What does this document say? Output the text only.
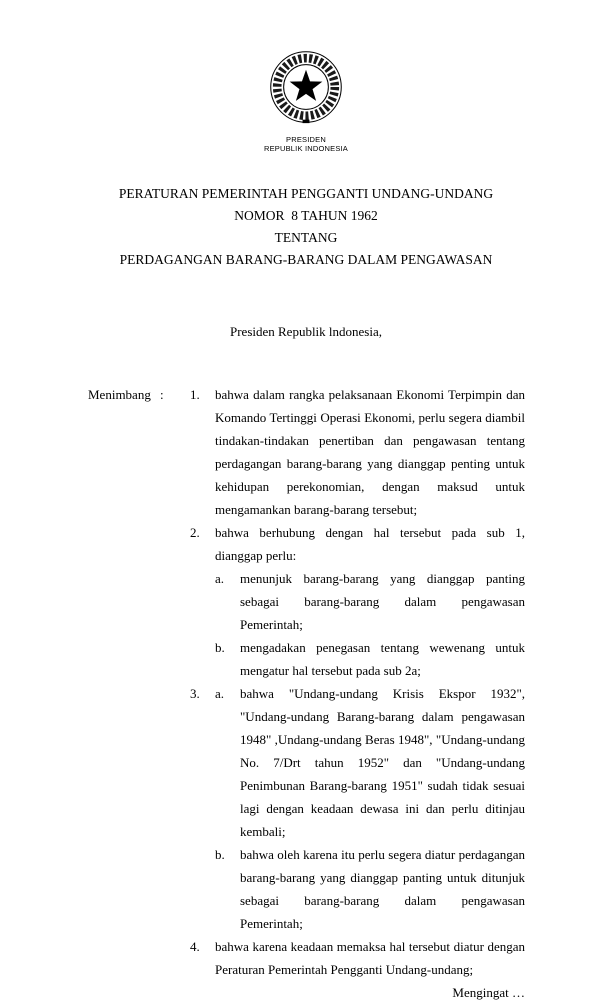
PRESIDEN
REPUBLIK INDONESIA
PERATURAN PEMERINTAH PENGGANTI UNDANG-UNDANG
NOMOR  8 TAHUN 1962
TENTANG
PERDAGANGAN BARANG-BARANG DALAM PENGAWASAN
Presiden Republik lndonesia,
Menimbang :	1.	bahwa dalam rangka pelaksanaan Ekonomi Terpimpin dan Komando Tertinggi Operasi Ekonomi, perlu segera diambil tindakan-tindakan penertiban dan pengawasan tentang perdagangan barang-barang yang dianggap penting untuk kehidupan perekonomian, dengan maksud untuk mengamankan barang-barang tersebut;
2.	bahwa berhubung dengan hal tersebut pada sub 1, dianggap perlu:
a.	menunjuk barang-barang yang dianggap panting sebagai barang-barang dalam pengawasan Pemerintah;
b.	mengadakan penegasan tentang wewenang untuk mengatur hal tersebut pada sub 2a;
3.	a.	bahwa "Undang-undang Krisis Ekspor 1932", "Undang-undang Barang-barang dalam pengawasan 1948" ,Undang-undang Beras 1948", "Undang-undang No. 7/Drt tahun 1952" dan "Undang-undang Penimbunan Barang-barang 1951" sudah tidak sesuai lagi dengan keadaan dewasa ini dan perlu ditinjau kembali;
b.	bahwa oleh karena itu perlu segera diatur perdagangan barang-barang yang dianggap panting untuk ditunjuk sebagai barang-barang dalam pengawasan Pemerintah;
4.	bahwa karena keadaan memaksa hal tersebut diatur dengan Peraturan Pemerintah Pengganti Undang-undang;
Mengingat …
